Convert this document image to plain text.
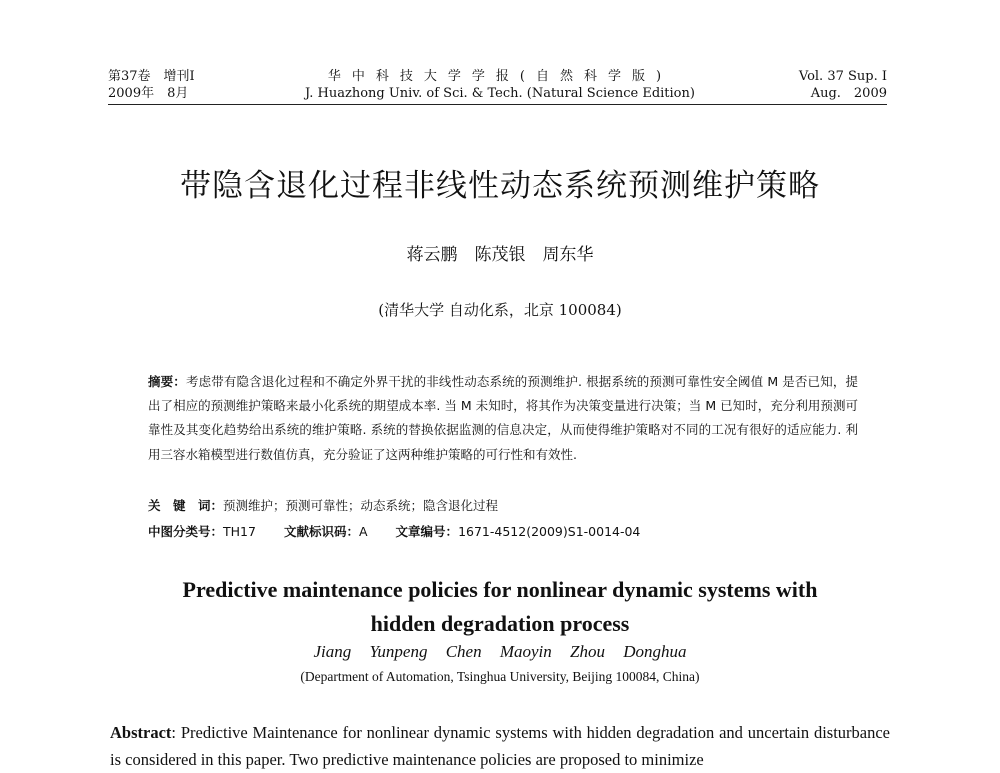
第37卷　增刊Ⅰ
2009年　8月
华中科技大学学报(自然科学版)
J. Huazhong Univ. of Sci. & Tech. (Natural Science Edition)
Vol. 37 Sup. Ⅰ
Aug.　2009
带隐含退化过程非线性动态系统预测维护策略
蒋云鹏　陈茂银　周东华
(清华大学 自动化系，北京 100084)
摘要：考虑带有隐含退化过程和不确定外界干扰的非线性动态系统的预测维护. 根据系统的预测可靠性安全阈值 M 是否已知，提出了相应的预测维护策略来最小化系统的期望成本率. 当 M 未知时，将其作为决策变量进行决策；当 M 已知时，充分利用预测可靠性及其变化趋势给出系统的维护策略. 系统的替换依据监测的信息决定，从而使得维护策略对不同的工况有很好的适应能力. 利用三容水箱模型进行数值仿真，充分验证了这两种维护策略的可行性和有效性.
关　键　词：预测维护；预测可靠性；动态系统；隐含退化过程
中图分类号：TH17 文献标识码：A 文章编号：1671-4512(2009)S1-0014-04
Predictive maintenance policies for nonlinear dynamic systems with hidden degradation process
Jiang Yunpeng Chen Maoyin Zhou Donghua
(Department of Automation, Tsinghua University, Beijing 100084, China)
Abstract: Predictive Maintenance for nonlinear dynamic systems with hidden degradation and uncertain disturbance is considered in this paper. Two predictive maintenance policies are proposed to minimize
